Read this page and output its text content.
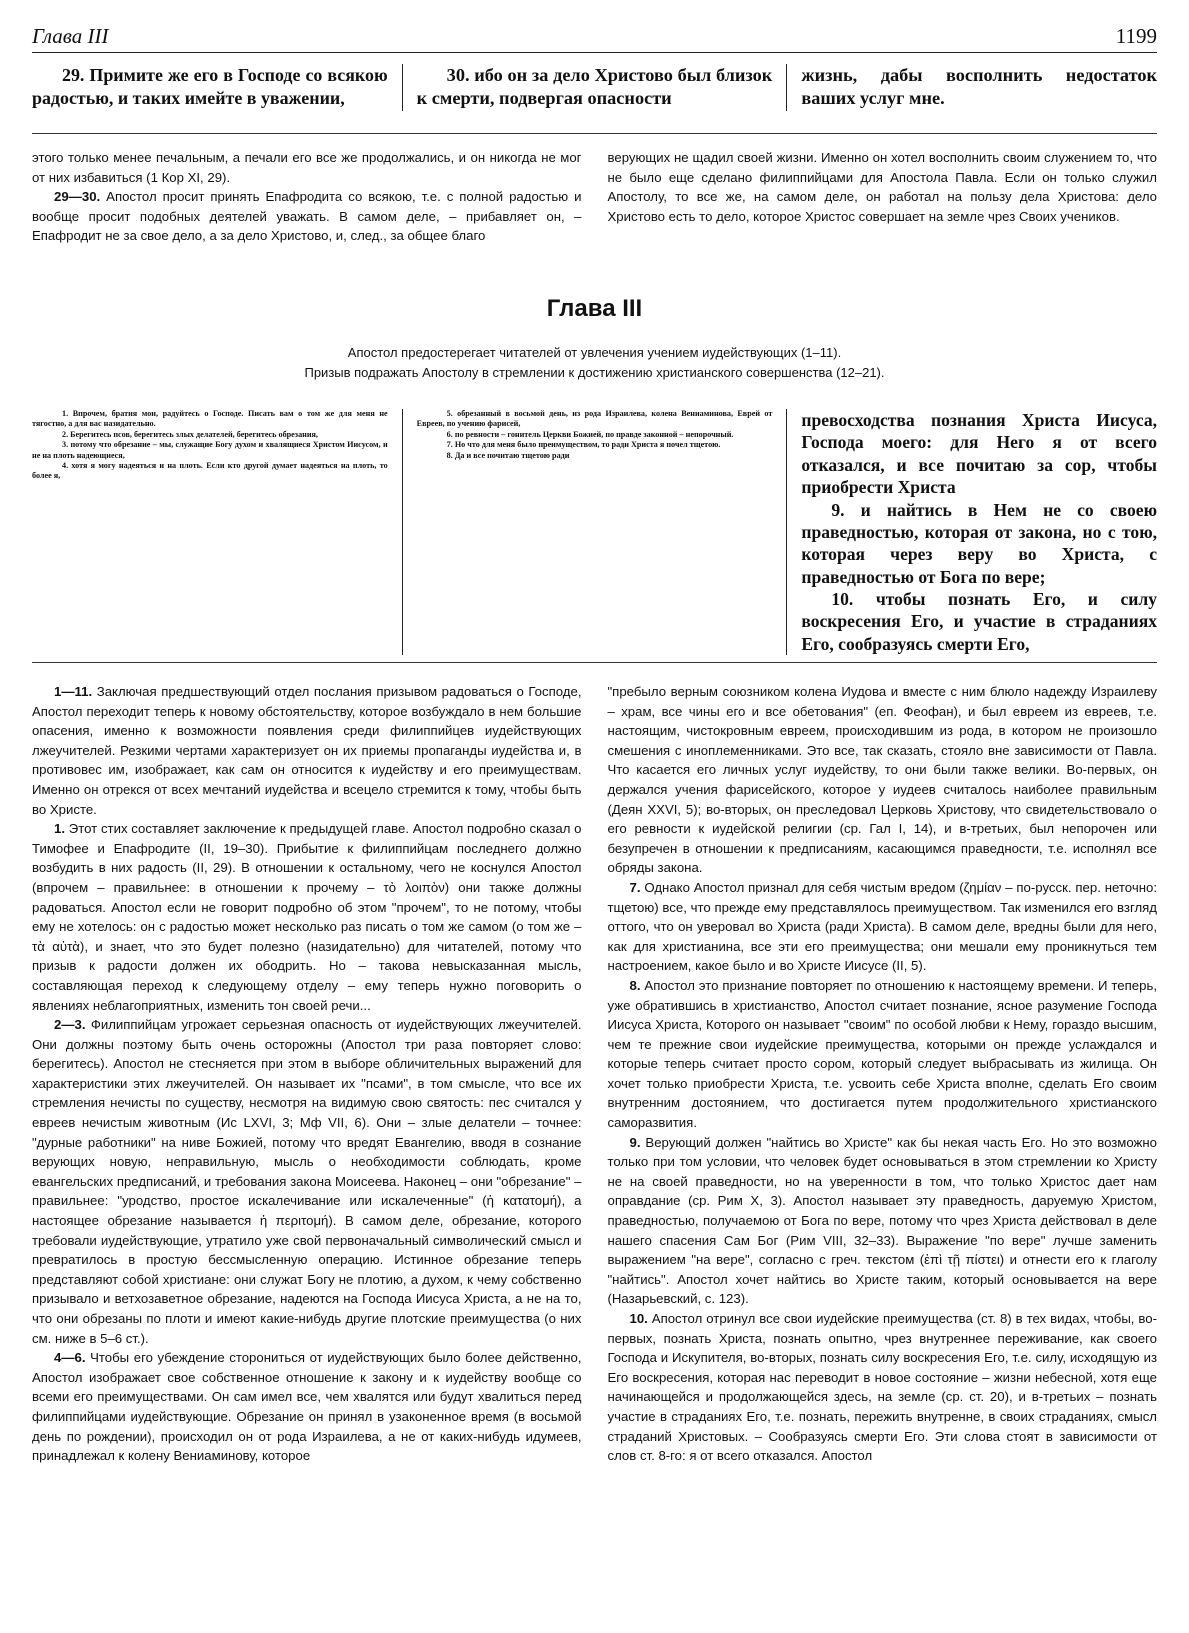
Глава III	1199

29. Примите же его в Господе со всякою радостью, и таких имейте в уважении,

30. ибо он за дело Христово был близок к смерти, подвергая опасности

жизнь, дабы восполнить недостаток ваших услуг мне.

этого только менее печальным, а печали его все же продолжались, и он никогда не мог от них избавиться (1 Кор XI, 29).

29—30. Апостол просит принять Епафродита со всякою, т.е. с полной радостью и вообще просит подобных деятелей уважать. В самом деле, – прибавляет он, – Епафродит не за свое дело, а за дело Христово, и, след., за общее благо

верующих не щадил своей жизни. Именно он хотел восполнить своим служением то, что не было еще сделано филиппийцами для Апостола Павла. Если он только служил Апостолу, то все же, на самом деле, он работал на пользу дела Христова: дело Христово есть то дело, которое Христос совершает на земле чрез Своих учеников.

Глава III
Апостол предостерегает читателей от увлечения учением иудействующих (1–11).
Призыв подражать Апостолу в стремлении к достижению христианского совершенства (12–21).

1. Впрочем, братия мои, радуйтесь о Господе. Писать вам о том же для меня не тягостно, а для вас назидательно.

2. Берегитесь псов, берегитесь злых делателей, берегитесь обрезания,

3. потому что обрезание – мы, служащие Богу духом и хвалящиеся Христом Иисусом, и не на плоть надеющиеся,

4. хотя я могу надеяться и на плоть. Если кто другой думает надеяться на плоть, то более я,

5. обрезанный в восьмой день, из рода Израилева, колена Вениаминова, Еврей от Евреев, по учению фарисей,

6. по ревности – гонитель Церкви Божией, по правде законной – непорочный.

7. Но что для меня было преимуществом, то ради Христа я почел тщетою.

8. Да и все почитаю тщетою ради

превосходства познания Христа Иисуса, Господа моего: для Него я от всего отказался, и все почитаю за сор, чтобы приобрести Христа

9. и найтись в Нем не со своею праведностью, которая от закона, но с тою, которая через веру во Христа, с праведностью от Бога по вере;

10. чтобы познать Его, и силу воскресения Его, и участие в страданиях Его, сообразуясь смерти Его,

1—11. Заключая предшествующий отдел послания призывом радоваться о Господе, Апостол переходит теперь к новому обстоятельству, которое возбуждало в нем большие опасения, именно к возможности появления среди филиппийцев иудействующих лжеучителей. Резкими чертами характеризует он их приемы пропаганды иудейства и, в противовес им, изображает, как сам он относится к иудейству и его преимуществам. Именно он отрекся от всех мечтаний иудейства и всецело стремится к тому, чтобы быть во Христе.

1. Этот стих составляет заключение к предыдущей главе. Апостол подробно сказал о Тимофее и Епафродите (II, 19–30). Прибытие к филиппийцам последнего должно возбудить в них радость (II, 29). В отношении к остальному, чего не коснулся Апостол (впрочем – правильнее: в отношении к прочему – τὸ λοιπὸν) они также должны радоваться. Апостол если не говорит подробно об этом "прочем", то не потому, чтобы ему не хотелось: он с радостью может несколько раз писать о том же самом (о том же – τὰ αὐτὰ), и знает, что это будет полезно (назидательно) для читателей, потому что призыв к радости должен их ободрить. Но – такова невысказанная мысль, составляющая переход к следующему отделу – ему теперь нужно поговорить о явлениях неблагоприятных, изменить тон своей речи...

2—3. Филиппийцам угрожает серьезная опасность от иудействующих лжеучителей. Они должны поэтому быть очень осторожны (Апостол три раза повторяет слово: берегитесь). Апостол не стесняется при этом в выборе обличительных выражений для характеристики этих лжеучителей. Он называет их "псами", в том смысле, что все их стремления нечисты по существу, несмотря на видимую свою святость: пес считался у евреев нечистым животным (Ис LXVI, 3; Мф VII, 6). Они – злые делатели – точнее: "дурные работники" на ниве Божией, потому что вредят Евангелию, вводя в сознание верующих новую, неправильную, мысль о необходимости соблюдать, кроме евангельских предписаний, и требования закона Моисеева. Наконец – они "обрезание" – правильнее: "уродство, простое искалечивание или искалеченные" (ἡ κατατομή), а настоящее обрезание называется ἡ περιτομή). В самом деле, обрезание, которого требовали иудействующие, утратило уже свой первоначальный символический смысл и превратилось в простую бессмысленную операцию. Истинное обрезание теперь представляют собой христиане: они служат Богу не плотию, а духом, к чему собственно призывало и ветхозаветное обрезание, надеются на Господа Иисуса Христа, а не на то, что они обрезаны по плоти и имеют какие-нибудь другие плотские преимущества (о них см. ниже в 5–6 ст.).

4—6. Чтобы его убеждение сторониться от иудействующих было более действенно, Апостол изображает свое собственное отношение к закону и к иудейству вообще со всеми его преимуществами. Он сам имел все, чем хвалятся или будут хвалиться перед филиппийцами иудействующие. Обрезание он принял в узаконенное время (в восьмой день по рождении), происходил он от рода Израилева, а не от каких-нибудь идумеев, принадлежал к колену Вениаминову, которое

"пребыло верным союзником колена Иудова и вместе с ним блюло надежду Израилеву – храм, все чины его и все обетования" (еп. Феофан), и был евреем из евреев, т.е. настоящим, чистокровным евреем, происходившим из рода, в котором не произошло смешения с иноплеменниками. Это все, так сказать, стояло вне зависимости от Павла. Что касается его личных услуг иудейству, то они были также велики. Во-первых, он держался учения фарисейского, которое у иудеев считалось наиболее правильным (Деян XXVI, 5); во-вторых, он преследовал Церковь Христову, что свидетельствовало о его ревности к иудейской религии (ср. Гал I, 14), и в-третьих, был непорочен или безупречен в отношении к предписаниям, касающимся праведности, т.е. исполнял все обряды закона.

7. Однако Апостол признал для себя чистым вредом (ζημίαν – по-русск. пер. неточно: тщетою) все, что прежде ему представлялось преимуществом. Так изменился его взгляд оттого, что он уверовал во Христа (ради Христа). В самом деле, вредны были для него, как для христианина, все эти его преимущества; они мешали ему проникнуться тем настроением, какое было и во Христе Иисусе (II, 5).

8. Апостол это признание повторяет по отношению к настоящему времени. И теперь, уже обратившись в христианство, Апостол считает познание, ясное разумение Господа Иисуса Христа, Которого он называет "своим" по особой любви к Нему, гораздо высшим, чем те прежние свои иудейские преимущества, которыми он прежде услаждался и которые теперь считает просто сором, который следует выбрасывать из жилища. Он хочет только приобрести Христа, т.е. усвоить себе Христа вполне, сделать Его своим внутренним достоянием, что достигается путем продолжительного христианского саморазвития.

9. Верующий должен "найтись во Христе" как бы некая часть Его. Но это возможно только при том условии, что человек будет основываться в этом стремлении ко Христу не на своей праведности, но на уверенности в том, что только Христос дает нам оправдание (ср. Рим X, 3). Апостол называет эту праведность, даруемую Христом, праведностью, получаемою от Бога по вере, потому что чрез Христа действовал в деле нашего спасения Сам Бог (Рим VIII, 32–33). Выражение "по вере" лучше заменить выражением "на вере", согласно с греч. текстом (ἐπὶ τῇ πίστει) и отнести его к глаголу "найтись". Апостол хочет найтись во Христе таким, который основывается на вере (Назарьевский, с. 123).

10. Апостол отринул все свои иудейские преимущества (ст. 8) в тех видах, чтобы, во-первых, познать Христа, познать опытно, чрез внутреннее переживание, как своего Господа и Искупителя, во-вторых, познать силу воскресения Его, т.е. силу, исходящую из Его воскресения, которая нас переводит в новое состояние – жизни небесной, хотя еще начинающейся и продолжающейся здесь, на земле (ср. ст. 20), и в-третьих – познать участие в страданиях Его, т.е. познать, пережить внутренне, в своих страданиях, смысл страданий Христовых. – Сообразуясь смерти Его. Эти слова стоят в зависимости от слов ст. 8-го: я от всего отказался. Апостол
